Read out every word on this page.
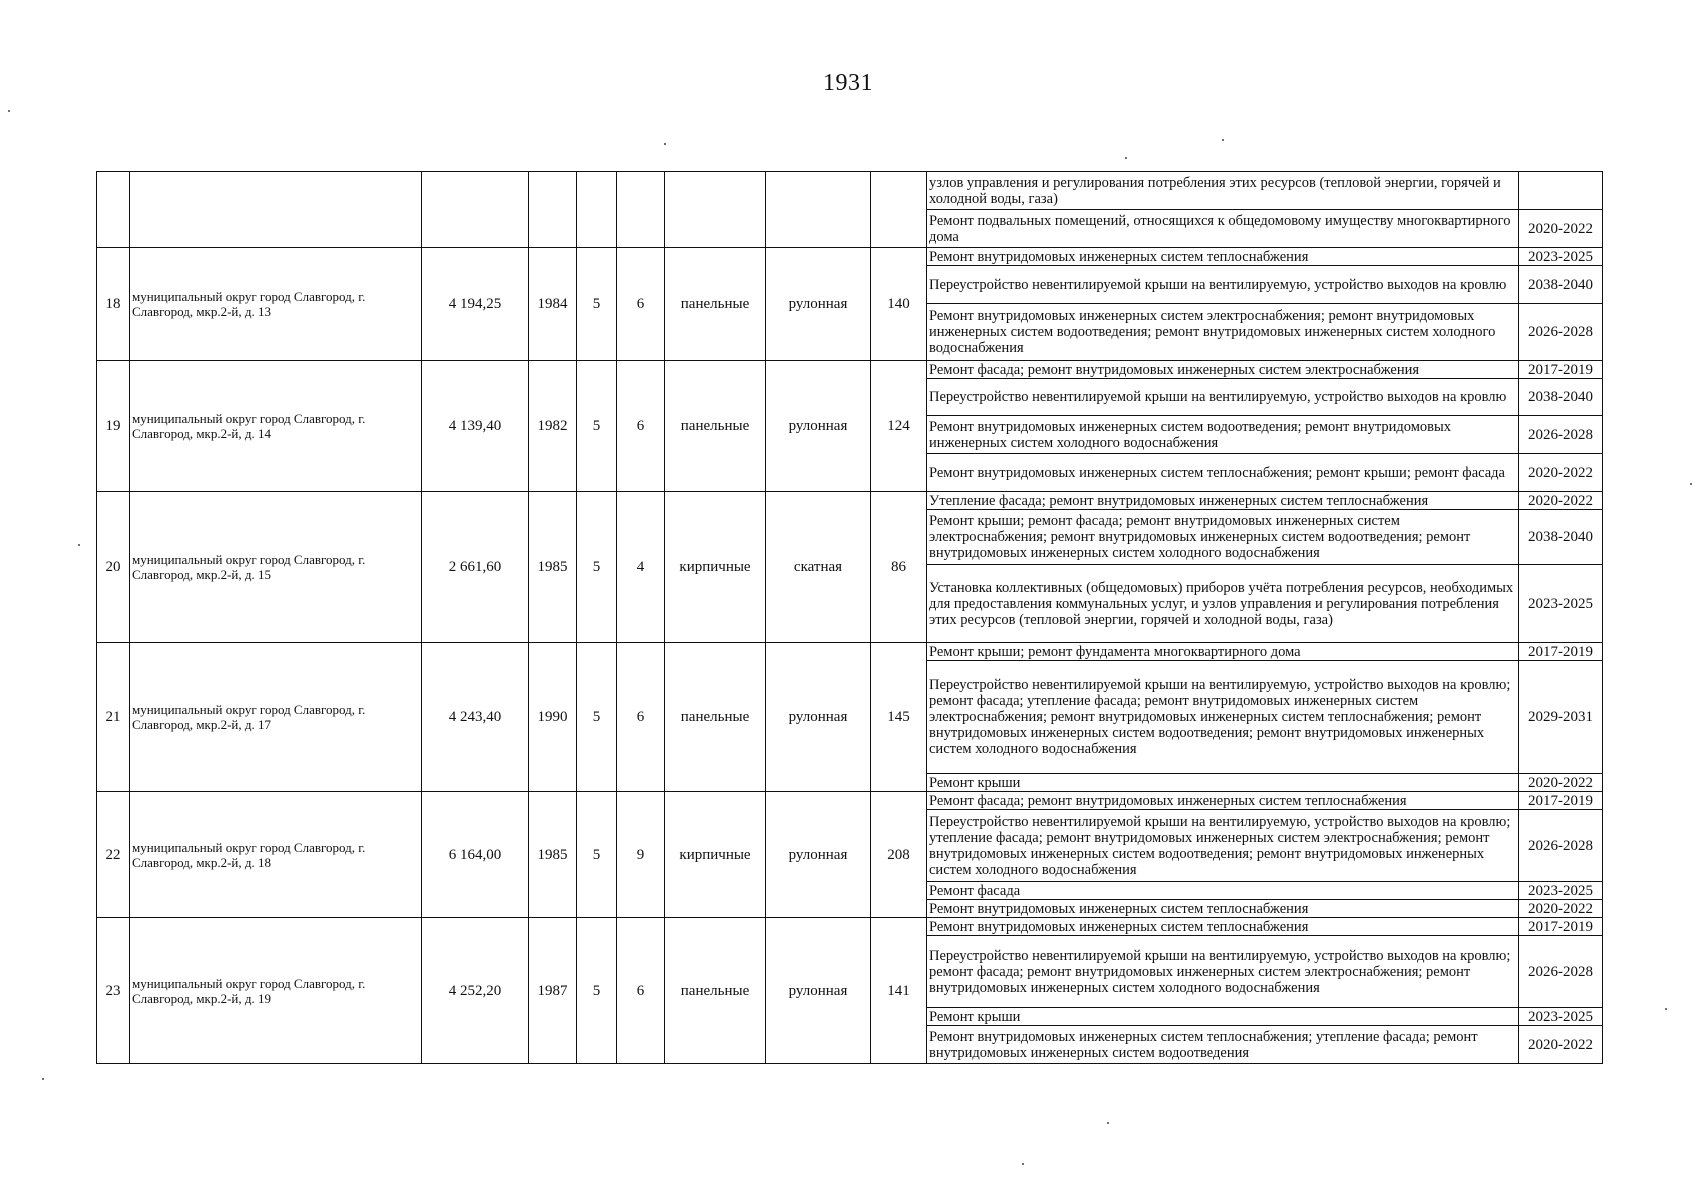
1931
									узлов управления и регулирования потребления этих ресурсов (тепловой энергии, горячей и холодной воды, газа)	
									Ремонт подвальных помещений, относящихся к общедомовому имуществу многоквартирного дома	2020-2022
18	муниципальный округ город Славгород, г. Славгород, мкр.2-й, д. 13	4 194,25	1984	5	6	панельные	рулонная	140	Ремонт внутридомовых инженерных систем теплоснабжения	2023-2025
									Переустройство невентилируемой крыши на вентилируемую, устройство выходов на кровлю	2038-2040
									Ремонт внутридомовых инженерных систем электроснабжения; ремонт внутридомовых инженерных систем водоотведения; ремонт внутридомовых инженерных систем холодного водоснабжения	2026-2028
19	муниципальный округ город Славгород, г. Славгород, мкр.2-й, д. 14	4 139,40	1982	5	6	панельные	рулонная	124	Ремонт фасада; ремонт внутридомовых инженерных систем электроснабжения	2017-2019
									Переустройство невентилируемой крыши на вентилируемую, устройство выходов на кровлю	2038-2040
									Ремонт внутридомовых инженерных систем водоотведения; ремонт внутридомовых инженерных систем холодного водоснабжения	2026-2028
									Ремонт внутридомовых инженерных систем теплоснабжения; ремонт крыши; ремонт фасада	2020-2022
20	муниципальный округ город Славгород, г. Славгород, мкр.2-й, д. 15	2 661,60	1985	5	4	кирпичные	скатная	86	Утепление фасада; ремонт внутридомовых инженерных систем теплоснабжения	2020-2022
									Ремонт крыши; ремонт фасада; ремонт внутридомовых инженерных систем электроснабжения; ремонт внутридомовых инженерных систем водоотведения; ремонт внутридомовых инженерных систем холодного водоснабжения	2038-2040
									Установка коллективных (общедомовых) приборов учёта потребления ресурсов, необходимых для предоставления коммунальных услуг, и узлов управления и регулирования потребления этих ресурсов (тепловой энергии, горячей и холодной воды, газа)	2023-2025
21	муниципальный округ город Славгород, г. Славгород, мкр.2-й, д. 17	4 243,40	1990	5	6	панельные	рулонная	145	Ремонт крыши; ремонт фундамента многоквартирного дома	2017-2019
									Переустройство невентилируемой крыши на вентилируемую, устройство выходов на кровлю; ремонт фасада; утепление фасада; ремонт внутридомовых инженерных систем электроснабжения; ремонт внутридомовых инженерных систем теплоснабжения; ремонт внутридомовых инженерных систем водоотведения; ремонт внутридомовых инженерных систем холодного водоснабжения	2029-2031
									Ремонт крыши	2020-2022
22	муниципальный округ город Славгород, г. Славгород, мкр.2-й, д. 18	6 164,00	1985	5	9	кирпичные	рулонная	208	Ремонт фасада; ремонт внутридомовых инженерных систем теплоснабжения	2017-2019
									Переустройство невентилируемой крыши на вентилируемую, устройство выходов на кровлю; утепление фасада; ремонт внутридомовых инженерных систем электроснабжения; ремонт внутридомовых инженерных систем водоотведения; ремонт внутридомовых инженерных систем холодного водоснабжения	2026-2028
									Ремонт фасада	2023-2025
									Ремонт внутридомовых инженерных систем теплоснабжения	2020-2022
23	муниципальный округ город Славгород, г. Славгород, мкр.2-й, д. 19	4 252,20	1987	5	6	панельные	рулонная	141	Ремонт внутридомовых инженерных систем теплоснабжения	2017-2019
									Переустройство невентилируемой крыши на вентилируемую, устройство выходов на кровлю; ремонт фасада; ремонт внутридомовых инженерных систем электроснабжения; ремонт внутридомовых инженерных систем холодного водоснабжения	2026-2028
									Ремонт крыши	2023-2025
									Ремонт внутридомовых инженерных систем теплоснабжения; утепление фасада; ремонт внутридомовых инженерных систем водоотведения	2020-2022
